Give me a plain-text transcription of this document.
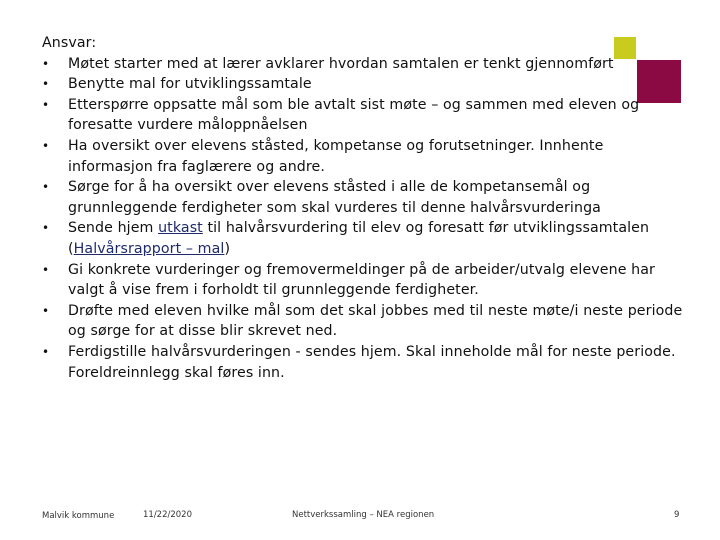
Ansvar:

• Møtet starter med at lærer avklarer hvordan samtalen er tenkt gjennomført
• Benytte mal for utviklingssamtale
• Etterspørre oppsatte mål som ble avtalt sist møte – og sammen med eleven og foresatte vurdere måloppnåelsen
• Ha oversikt over elevens ståsted, kompetanse og forutsetninger. Innhente informasjon fra faglærere og andre.
• Sørge for å ha oversikt over elevens ståsted i alle de kompetansemål og grunnleggende ferdigheter som skal vurderes til denne halvårsvurderinga
• Sende hjem utkast til halvårsvurdering til elev og foresatt før utviklingssamtalen (Halvårsrapport – mal)
• Gi konkrete vurderinger og fremovermeldinger på de arbeider/utvalg elevene har valgt å vise frem i forholdt til grunnleggende ferdigheter.
• Drøfte med eleven hvilke mål som det skal jobbes med til neste møte/i neste periode og sørge for at disse blir skrevet ned.
• Ferdigstille halvårsvurderingen - sendes hjem. Skal inneholde mål for neste periode. Foreldreinnlegg skal føres inn.
Malvik kommune	11/22/2020	Nettverkssamling – NEA regionen	9
